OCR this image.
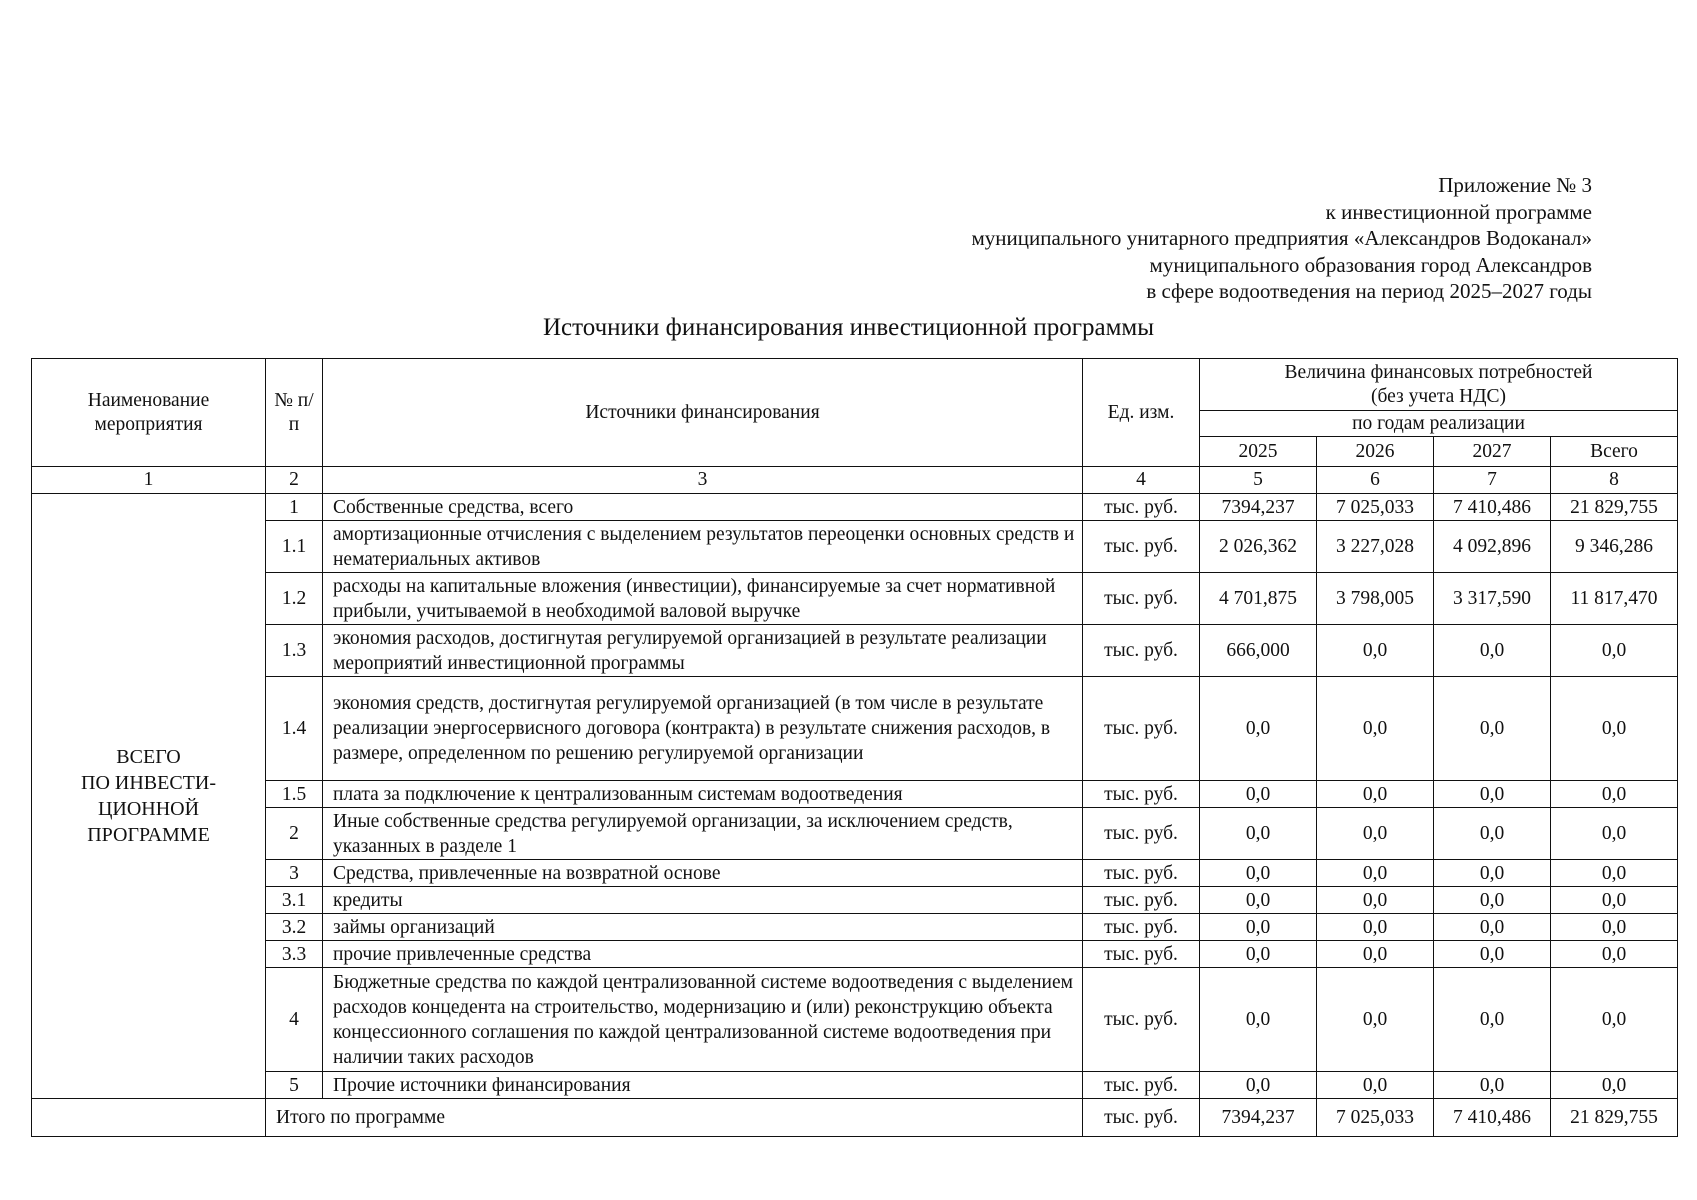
Приложение № 3
к инвестиционной программе
муниципального унитарного предприятия «Александров Водоканал»
муниципального образования город Александров
в сфере водоотведения на период 2025–2027 годы
Источники финансирования инвестиционной программы
Наименование мероприятия	№ п/п	Источники финансирования	Ед. изм.	Величина финансовых потребностей
(без учета НДС)			

				по годам реализации			
				2025	2026	2027	Всего
1	2	3	4	5	6	7	8

ВСЕГО
ПО ИНВЕСТИ-
ЦИОННОЙ
ПРОГРАММЕ	1	Собственные средства, всего	тыс. руб.	7394,237	7 025,033	7 410,486	21 829,755
	1.1	амортизационные отчисления с выделением результатов переоценки основных средств и нематериальных активов	тыс. руб.	2 026,362	3 227,028	4 092,896	9 346,286
	1.2	расходы на капитальные вложения (инвестиции), финансируемые за счет нормативной прибыли, учитываемой в необходимой валовой выручке	тыс. руб.	4 701,875	3 798,005	3 317,590	11 817,470
	1.3	экономия расходов, достигнутая регулируемой организацией в результате реализации мероприятий инвестиционной программы	тыс. руб.	666,000	0,0	0,0	0,0
	1.4	экономия средств, достигнутая регулируемой организацией (в том числе в результате реализации энергосервисного договора (контракта) в результате снижения расходов, в размере, определенном по решению регулируемой организации	тыс. руб.	0,0	0,0	0,0	0,0
	1.5	плата за подключение к централизованным системам водоотведения	тыс. руб.	0,0	0,0	0,0	0,0
	2	Иные собственные средства регулируемой организации, за исключением средств, указанных в разделе 1	тыс. руб.	0,0	0,0	0,0	0,0
	3	Средства, привлеченные на возвратной основе	тыс. руб.	0,0	0,0	0,0	0,0
	3.1	кредиты	тыс. руб.	0,0	0,0	0,0	0,0
	3.2	займы организаций	тыс. руб.	0,0	0,0	0,0	0,0
	3.3	прочие привлеченные средства	тыс. руб.	0,0	0,0	0,0	0,0
	4	Бюджетные средства по каждой централизованной системе водоотведения с выделением расходов концедента на строительство, модернизацию и (или) реконструкцию объекта концессионного соглашения по каждой централизованной системе водоотведения при наличии таких расходов	тыс. руб.	0,0	0,0	0,0	0,0
	5	Прочие источники финансирования	тыс. руб.	0,0	0,0	0,0	0,0
	Итого по программе		тыс. руб.	7394,237	7 025,033	7 410,486	21 829,755
